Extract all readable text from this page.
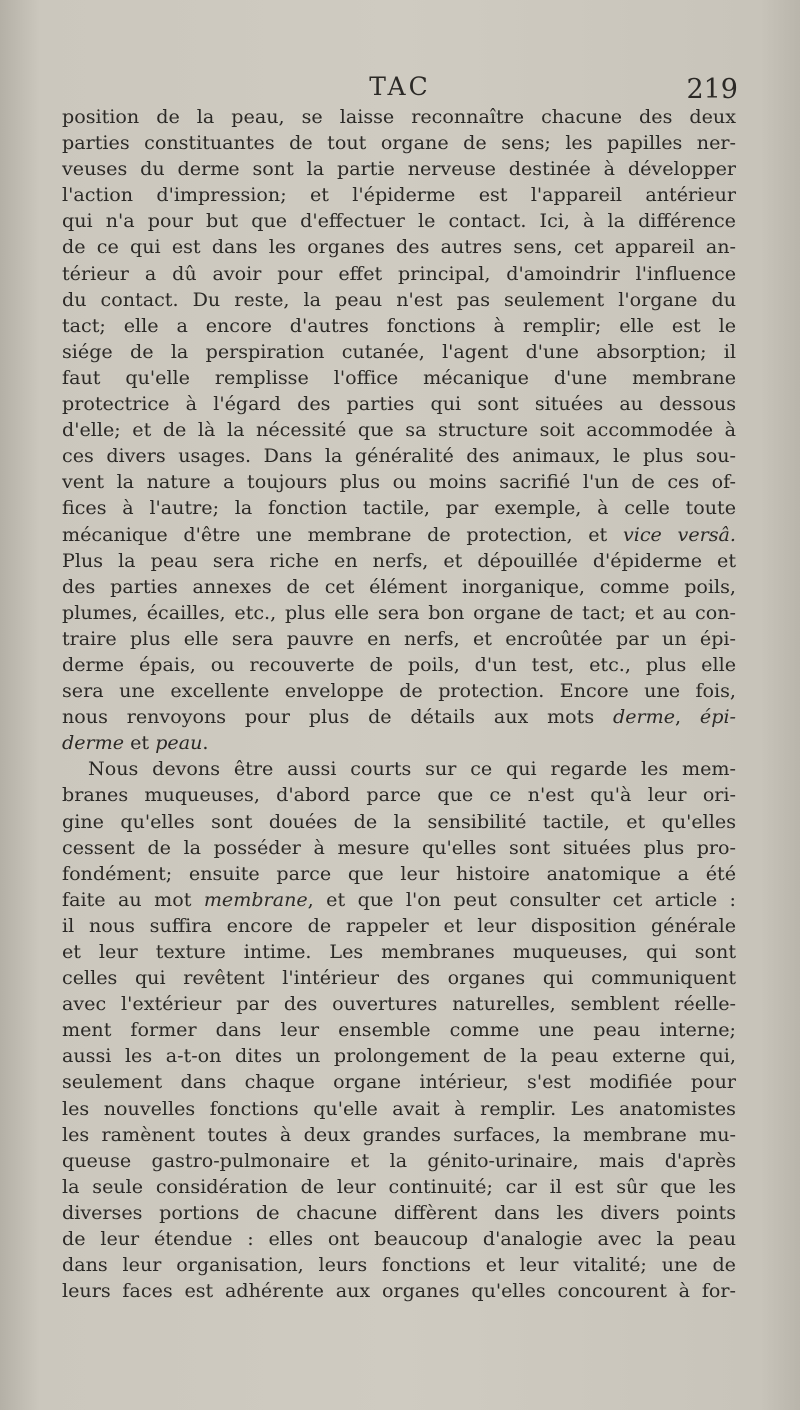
TAC	219
position de la peau, se laisse reconnaître chacune des deux
parties constituantes de tout organe de sens; les papilles ner-
veuses du derme sont la partie nerveuse destinée à développer
l'action d'impression; et l'épiderme est l'appareil antérieur
qui n'a pour but que d'effectuer le contact. Ici, à la différence
de ce qui est dans les organes des autres sens, cet appareil an-
térieur a dû avoir pour effet principal, d'amoindrir l'influence
du contact. Du reste, la peau n'est pas seulement l'organe du
tact; elle a encore d'autres fonctions à remplir; elle est le
siége de la perspiration cutanée, l'agent d'une absorption; il
faut qu'elle remplisse l'office mécanique d'une membrane
protectrice à l'égard des parties qui sont situées au dessous
d'elle; et de là la nécessité que sa structure soit accommodée à
ces divers usages. Dans la généralité des animaux, le plus sou-
vent la nature a toujours plus ou moins sacrifié l'un de ces of-
fices à l'autre; la fonction tactile, par exemple, à celle toute
mécanique d'être une membrane de protection, et vice versâ.
Plus la peau sera riche en nerfs, et dépouillée d'épiderme et
des parties annexes de cet élément inorganique, comme poils,
plumes, écailles, etc., plus elle sera bon organe de tact; et au con-
traire plus elle sera pauvre en nerfs, et encroûtée par un épi-
derme épais, ou recouverte de poils, d'un test, etc., plus elle
sera une excellente enveloppe de protection. Encore une fois,
nous renvoyons pour plus de détails aux mots derme, épi-
derme et peau.
Nous devons être aussi courts sur ce qui regarde les mem-
branes muqueuses, d'abord parce que ce n'est qu'à leur ori-
gine qu'elles sont douées de la sensibilité tactile, et qu'elles
cessent de la posséder à mesure qu'elles sont situées plus pro-
fondément; ensuite parce que leur histoire anatomique a été
faite au mot membrane, et que l'on peut consulter cet article :
il nous suffira encore de rappeler et leur disposition générale
et leur texture intime. Les membranes muqueuses, qui sont
celles qui revêtent l'intérieur des organes qui communiquent
avec l'extérieur par des ouvertures naturelles, semblent réelle-
ment former dans leur ensemble comme une peau interne;
aussi les a-t-on dites un prolongement de la peau externe qui,
seulement dans chaque organe intérieur, s'est modifiée pour
les nouvelles fonctions qu'elle avait à remplir. Les anatomistes
les ramènent toutes à deux grandes surfaces, la membrane mu-
queuse gastro-pulmonaire et la génito-urinaire, mais d'après
la seule considération de leur continuité; car il est sûr que les
diverses portions de chacune diffèrent dans les divers points
de leur étendue : elles ont beaucoup d'analogie avec la peau
dans leur organisation, leurs fonctions et leur vitalité; une de
leurs faces est adhérente aux organes qu'elles concourent à for-
